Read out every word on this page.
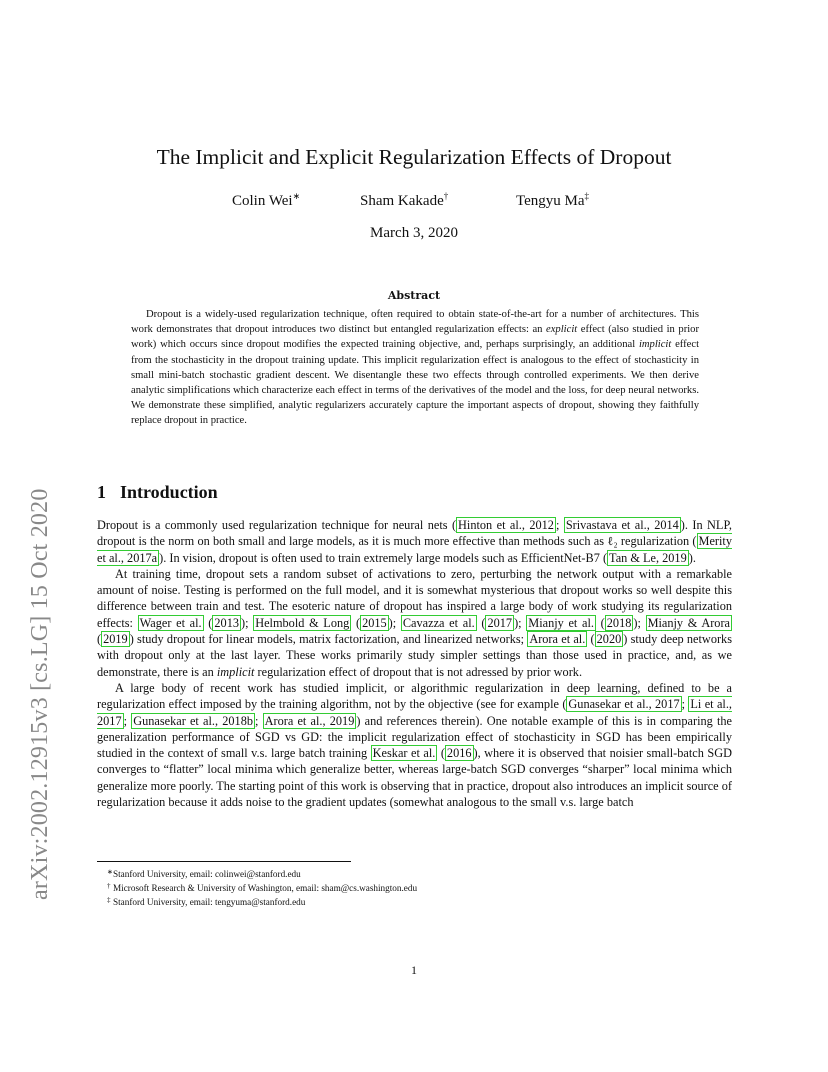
arXiv:2002.12915v3 [cs.LG] 15 Oct 2020
The Implicit and Explicit Regularization Effects of Dropout
Colin Wei∗	Sham Kakade†	Tengyu Ma‡
March 3, 2020
Abstract
Dropout is a widely-used regularization technique, often required to obtain state-of-the-art for a number of architectures. This work demonstrates that dropout introduces two distinct but entangled regularization effects: an explicit effect (also studied in prior work) which occurs since dropout modifies the expected training objective, and, perhaps surprisingly, an additional implicit effect from the stochasticity in the dropout training update. This implicit regularization effect is analogous to the effect of stochasticity in small mini-batch stochastic gradient descent. We disentangle these two effects through controlled experiments. We then derive analytic simplifications which characterize each effect in terms of the derivatives of the model and the loss, for deep neural networks. We demonstrate these simplified, analytic regularizers accurately capture the important aspects of dropout, showing they faithfully replace dropout in practice.
1 Introduction

Dropout is a commonly used regularization technique for neural nets ( Hinton et al., 2012 ; Srivastava et al., 2014 ). In NLP, dropout is the norm on both small and large models, as it is much more effective than methods such as ℓ₂ regularization ( Merity et al., 2017a ). In vision, dropout is often used to train extremely large models such as EfficientNet-B7 ( Tan & Le, 2019 ).

At training time, dropout sets a random subset of activations to zero, perturbing the network output with a remarkable amount of noise. Testing is performed on the full model, and it is somewhat mysterious that dropout works so well despite this difference between train and test. The esoteric nature of dropout has inspired a large body of work studying its regularization effects: Wager et al. ( 2013 ); Helmbold & Long ( 2015 ); Cavazza et al. ( 2017 ); Mianjy et al. ( 2018 ); Mianjy & Arora ( 2019 ) study dropout for linear models, matrix factorization, and linearized networks; Arora et al. ( 2020 ) study deep networks with dropout only at the last layer. These works primarily study simpler settings than those used in practice, and, as we demonstrate, there is an implicit regularization effect of dropout that is not adressed by prior work.

A large body of recent work has studied implicit, or algorithmic regularization in deep learning, defined to be a regularization effect imposed by the training algorithm, not by the objective (see for example ( Gunasekar et al., 2017 ; Li et al., 2017 ; Gunasekar et al., 2018b ; Arora et al., 2019 ) and references therein). One notable example of this is in comparing the generalization performance of SGD vs GD: the implicit regularization effect of stochasticity in SGD has been empirically studied in the context of small v.s. large batch training Keskar et al. ( 2016 ), where it is observed that noisier small-batch SGD converges to “flatter” local minima which generalize better, whereas large-batch SGD converges “sharper” local minima which generalize more poorly. The starting point of this work is observing that in practice, dropout also introduces an implicit source of regularization because it adds noise to the gradient updates (somewhat analogous to the small v.s. large batch

∗ Stanford University, email: colinwei@stanford.edu
† Microsoft Research & University of Washington, email: sham@cs.washington.edu
‡ Stanford University, email: tengyuma@stanford.edu
1
